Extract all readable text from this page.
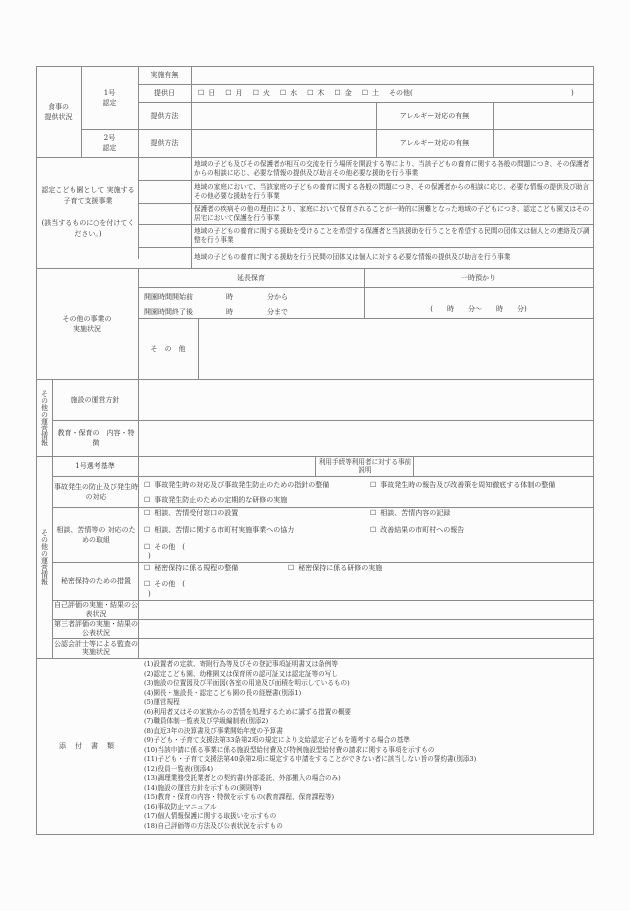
食事の
提供状況
1号
認定
2号
認定
実施有無
提供日	☐ 日	☐ 月	☐ 火	☐ 水	☐ 木	☐ 金	☐ 土 その他(	)
提供方法	アレルギー対応の有無
提供方法	アレルギー対応の有無
認定こども園として 実施する
子育て支援事業

(該当するものに○を付けてください。)
地域の子ども及びその保護者が相互の交流を行う場所を開設する等により、当該子どもの養育に関する各般の問題につき、その保護者からの相談に応じ、必要な情報の提供及び助言その他必要な援助を行う事業
地域の家庭において、当該家庭の子どもの養育に関する各般の問題につき、その保護者からの相談に応じ、必要な情報の提供及び助言その他必要な援助を行う事業
保護者の疾病その他の理由により、家庭において保育されることが一時的に困難となった地域の子どもにつき、認定こども園又はその居宅において保護を行う事業
地域の子どもの養育に関する援助を受けることを希望する保護者と当該援助を行うことを希望する民間の団体又は個人との連絡及び調整を行う事業
地域の子どもの養育に関する援助を行う民間の団体又は個人に対する必要な情報の提供及び助言を行う事業
その他の事業の
実施状況
延長保育	一時預かり
開園時間開始前	時	分から
開園時間終了後	時	分まで	(　　時　　分〜　　時　　分)
そ　の　他
その他の運営情報	施設の運営方針
教育・保育の　内容・特徴
その他の運営情報
1号選考基準	利用手続等利用者に対する事前説明
事故発生の防止及び発生時の対応
☐ 事故発生時の対応及び事故発生防止のための指針の整備	☐ 事故発生時の報告及び改善策を周知徹底する体制の整備
☐ 事故発生防止のための定期的な研修の実施
相談、苦情等の 対応のための取組
☐ 相談、苦情受付窓口の設置	☐ 相談、苦情内容の記録
☐ 相談、苦情に関する市町村実施事業への協力	☐ 改善結果の市町村への報告
☐ その他　(
)
秘密保持のための措置
☐ 秘密保持に係る規程の整備	☐ 秘密保持に係る研修の実施
☐ その他　(
)
自己評価の実施・結果の公表状況
第三者評価の実施・結果の公表状況
公認会計士等による監査の実施状況
添　付　書　類
(1)設置者の定款、寄附行為等及びその登記事項証明書又は条例等
(2)認定こども園、幼稚園又は保育所の認可証又は認定証等の写し
(3)施設の位置図及び平面図(各室の用途及び面積を明示しているもの)
(4)園長・施設長・認定こども園の長の経歴書(別添1)
(5)運営規程
(6)利用者又はその家族からの苦情を処理するために講ずる措置の概要
(7)職員体制一覧表及び学級編制表(別添2)
(8)直近3年の決算書及び事業開始年度の予算書
(9)子ども・子育て支援法第33条第2項の規定により支給認定子どもを選考する場合の基準
(10)当該申請に係る事業に係る施設型給付費及び特例施設型給付費の請求に関する事項を示すもの
(11)子ども・子育て支援法第40条第2項に規定する申請をすることができない者に該当しない旨の誓約書(別添3)
(12)役員一覧表(別添4)
(13)調理業務受託業者との契約書(外部委託、外部搬入の場合のみ)
(14)施設の運営方針を示すもの(園則等)
(15)教育・保育の内容・特徴を示すもの(教育課程、保育課程等)
(16)事故防止マニュアル
(17)個人情報保護に関する取扱いを示すもの
(18)自己評価等の方法及び公表状況を示すもの
